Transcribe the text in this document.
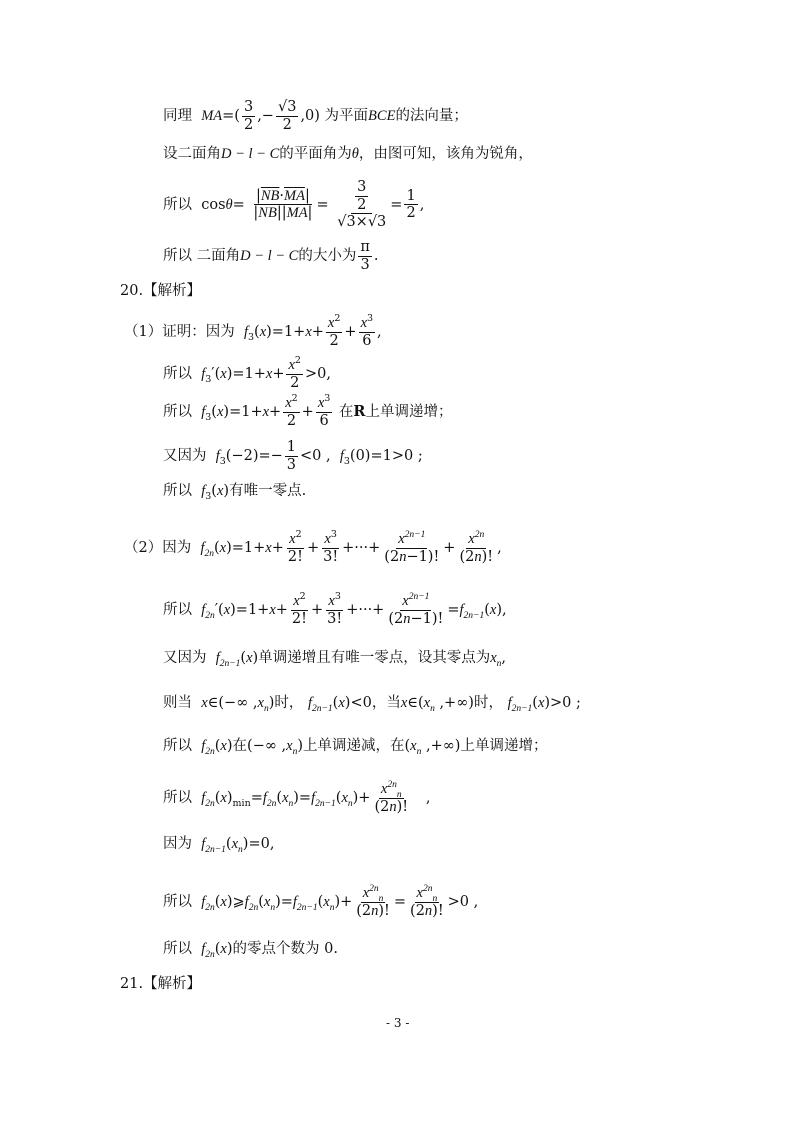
同理 $MA=( \frac{3}{2}$ ,− $\frac{√3}{2} ,0$) 为平面BCE的法向量；
设二面角D − l − C的平面角为θ，由图可知，该角为锐角，
所以 $\cos\theta= \frac{|\overline{NB}\cdot\overline{MA}|}{|NB||MA|} = \frac{\frac{3}{2}}{√3\times√3} = \frac{1}{2}$ ,
所以 二面角D − l − C的大小为 $\frac{\pi}{3}$ .
20.【解析】
（1）证明：因为 $f_3(x)=1+x+ \frac{x^2}{2} + \frac{x^3}{6}$ ,
所以 $f_3'(x)=1+x+ \frac{x^2}{2} >0$,
所以 $f_3(x)=1+x+ \frac{x^2}{2} + \frac{x^3}{6}$ 在R上单调递增；
又因为 $f_3(-2)=- \frac{1}{3} <0$ ,  $f_3(0)=1>0$ ;
所以 $f_3(x)$有唯一零点.
（2）因为 $f_{2n}(x)=1+x+ \frac{x^2}{2!} + \frac{x^3}{3!}$ +···+ $\frac{x^{2n-1}}{(2n-1)!} + \frac{x^{2n}}{(2n)!}$ ,
所以 $f_{2n}'(x)=1+x+ \frac{x^2}{2!} + \frac{x^3}{3!}$ +···+ $\frac{x^{2n-1}}{(2n-1)!} =f_{2n-1}(x)$,
又因为 $f_{2n-1}(x)$单调递增且有唯一零点，设其零点为$x_n$,
则当 x∈(−∞ $,x_n$)时， $f_{2n-1}(x)<0$，当$x\in(x_n$ ,+∞)时， $f_{2n-1}(x)>0$ ;
所以 $f_{2n}(x)$在(−∞ $,x_n$)上单调递减，在($x_n$ ,+∞)上单调递增；
所以 $f_{2n}(x)_{min}=f_{2n}(x_n)=f_{2n-1}(x_n)+ \frac{x^{2n}_n}{(2n)!}$ ,
因为 $f_{2n-1}(x_n)=0$,
所以 $f_{2n}(x)⩾f_{2n}(x_n)=f_{2n-1}(x_n)+ \frac{x^{2n}_n}{(2n)!} = \frac{x^{2n}_n}{(2n)!} >0$ ,
所以 $f_{2n}(x)$的零点个数为 0.
21.【解析】
- 3 -
